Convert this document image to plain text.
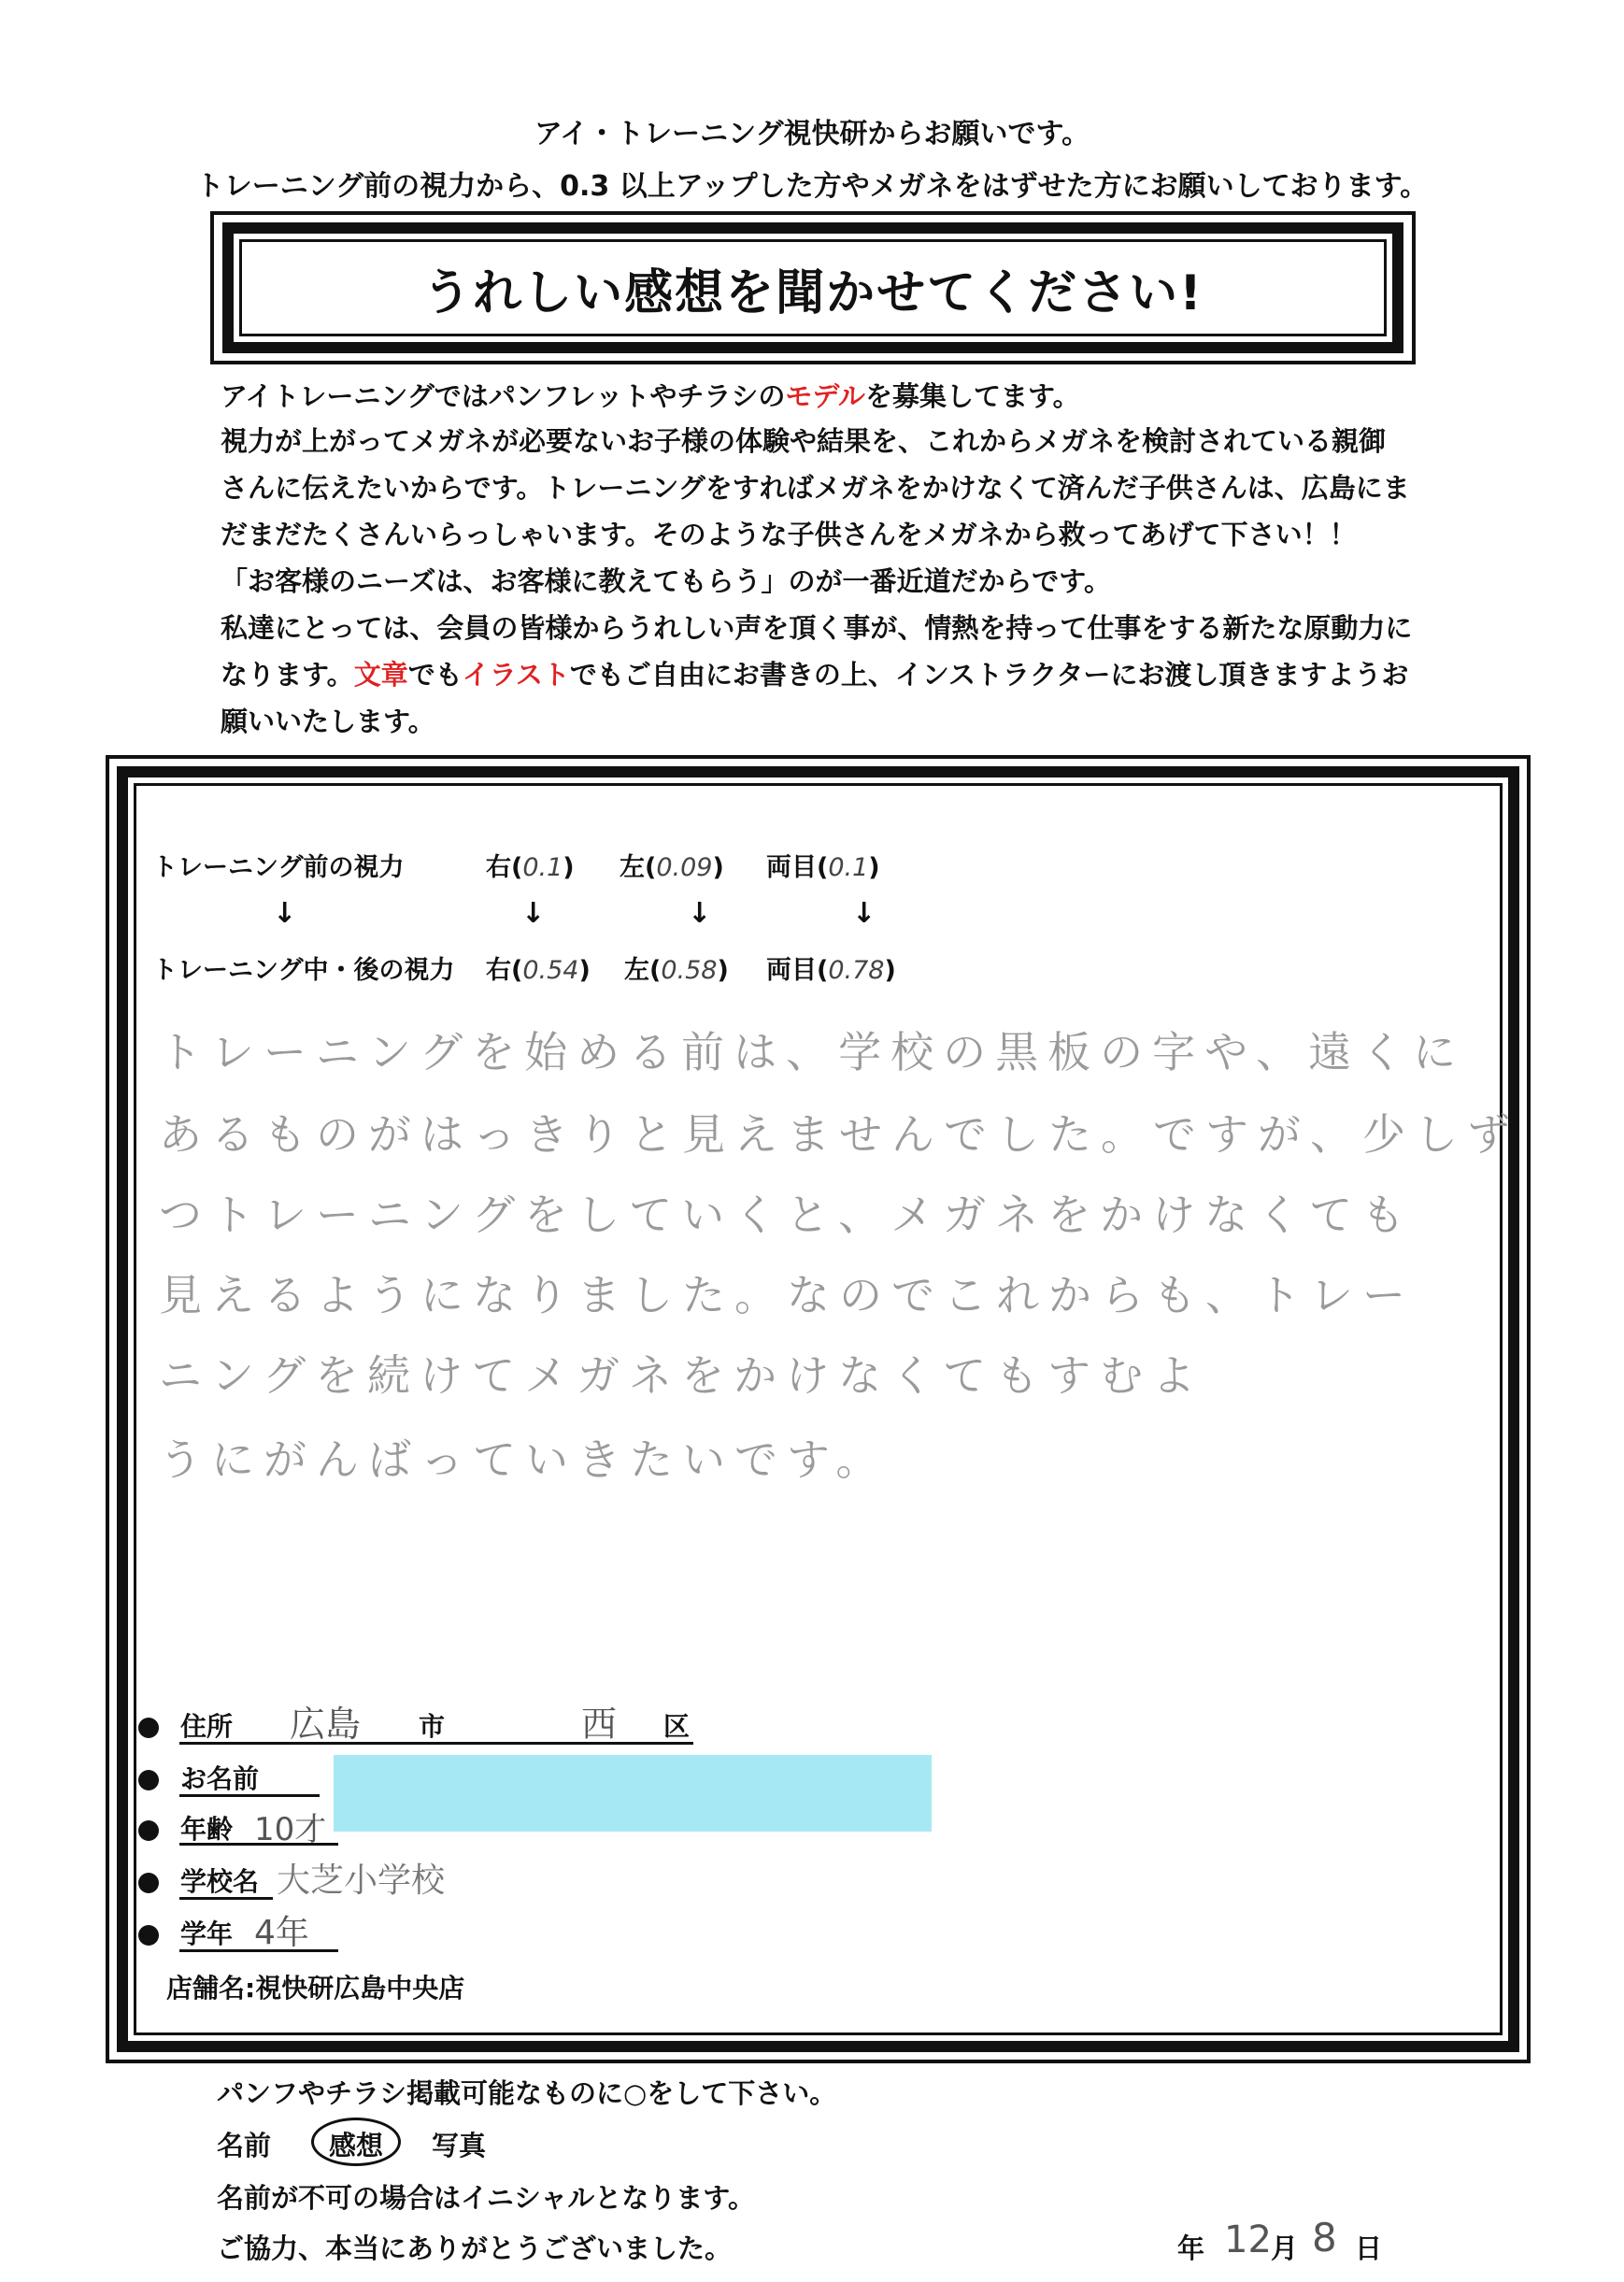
アイ・トレーニング視快研からお願いです。
トレーニング前の視力から、0.3 以上アップした方やメガネをはずせた方にお願いしております。
うれしい感想を聞かせてください!
アイトレーニングではパンフレットやチラシのモデルを募集してます。
視力が上がってメガネが必要ないお子様の体験や結果を、これからメガネを検討されている親御
さんに伝えたいからです。トレーニングをすればメガネをかけなくて済んだ子供さんは、広島にま
だまだたくさんいらっしゃいます。そのような子供さんをメガネから救ってあげて下さい！！
「お客様のニーズは、お客様に教えてもらう」のが一番近道だからです。
私達にとっては、会員の皆様からうれしい声を頂く事が、情熱を持って仕事をする新たな原動力に
なります。文章でもイラストでもご自由にお書きの上、インストラクターにお渡し頂きますようお
願いいたします。
トレーニング前の視力	右(0.1) 左(0.09) 両目(0.1)
↓	↓	↓	↓
トレーニング中・後の視力 右(0.54) 左(0.58) 両目(0.78)
トレーニングを始める前は、学校の黒板の字や、遠くに
あるものがはっきりと見えませんでした。ですが、少しず
つトレーニングをしていくと、メガネをかけなくても
見えるようになりました。なのでこれからも、トレー
ニングを続けてメガネをかけなくてもすむよ
うにがんばっていきたいです。
住所 広島 市	西 区
お名前
年齢 10才
学校名 大芝小学校
学年 4年
店舗名:視快研広島中央店
パンフやチラシ掲載可能なものに○をして下さい。
名前 感想 写真
名前が不可の場合はイニシャルとなります。
ご協力、本当にありがとうございました。	年 12 月 8 日
